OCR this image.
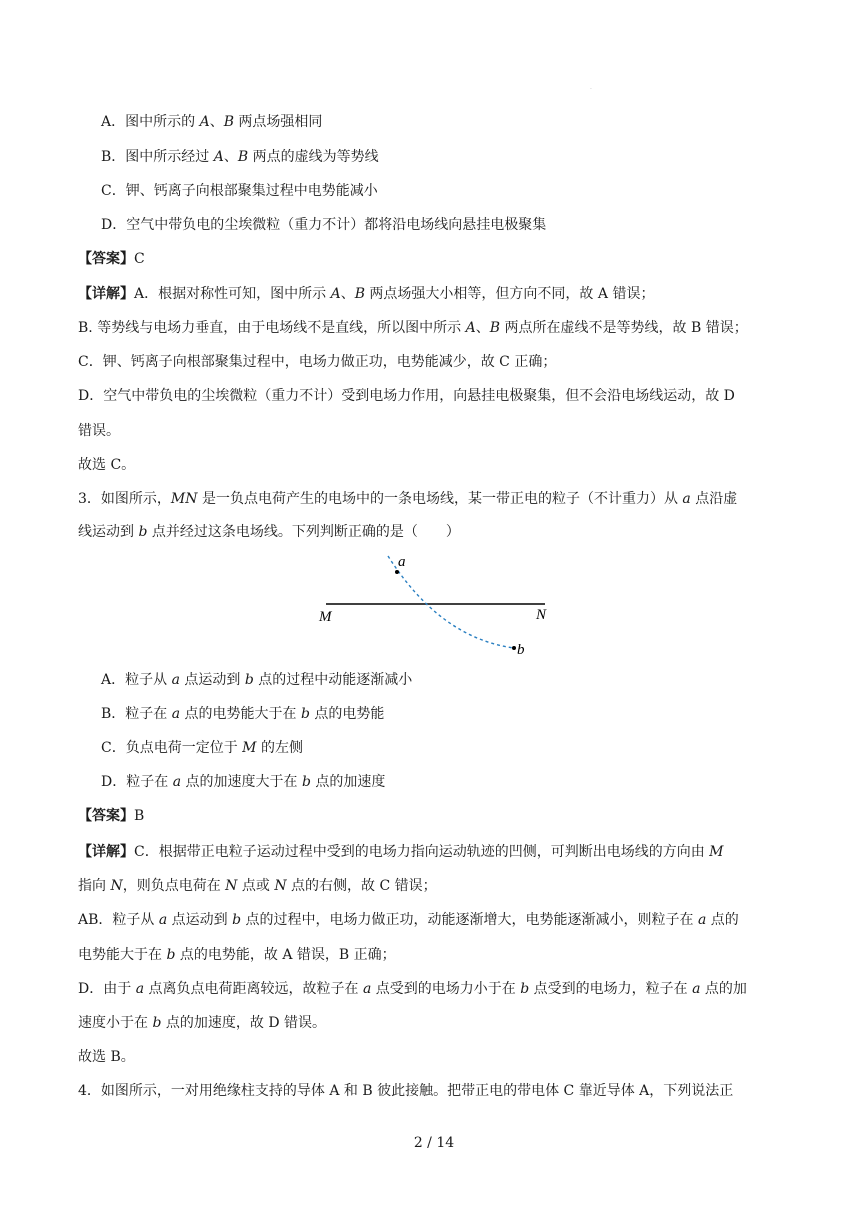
·
A．图中所示的 A、B 两点场强相同
B．图中所示经过 A、B 两点的虚线为等势线
C．钾、钙离子向根部聚集过程中电势能减小
D．空气中带负电的尘埃微粒（重力不计）都将沿电场线向悬挂电极聚集
【答案】C
【详解】A．根据对称性可知，图中所示 A、B 两点场强大小相等，但方向不同，故 A 错误；
B. 等势线与电场力垂直，由于电场线不是直线，所以图中所示 A、B 两点所在虚线不是等势线，故 B 错误；
C．钾、钙离子向根部聚集过程中，电场力做正功，电势能减少，故 C 正确；
D．空气中带负电的尘埃微粒（重力不计）受到电场力作用，向悬挂电极聚集，但不会沿电场线运动，故 D
错误。
故选 C。
3．如图所示，MN 是一负点电荷产生的电场中的一条电场线，某一带正电的粒子（不计重力）从 a 点沿虚
线运动到 b 点并经过这条电场线。下列判断正确的是（　　）
a
b
M	N
A．粒子从 a 点运动到 b 点的过程中动能逐渐减小
B．粒子在 a 点的电势能大于在 b 点的电势能
C．负点电荷一定位于 M 的左侧
D．粒子在 a 点的加速度大于在 b 点的加速度
【答案】B
【详解】C．根据带正电粒子运动过程中受到的电场力指向运动轨迹的凹侧，可判断出电场线的方向由 M
指向 N，则负点电荷在 N 点或 N 点的右侧，故 C 错误；
AB．粒子从 a 点运动到 b 点的过程中，电场力做正功，动能逐渐增大，电势能逐渐减小，则粒子在 a 点的
电势能大于在 b 点的电势能，故 A 错误，B 正确；
D．由于 a 点离负点电荷距离较远，故粒子在 a 点受到的电场力小于在 b 点受到的电场力，粒子在 a 点的加
速度小于在 b 点的加速度，故 D 错误。
故选 B。
4．如图所示，一对用绝缘柱支持的导体 A 和 B 彼此接触。把带正电的带电体 C 靠近导体 A，下列说法正
2 / 14
